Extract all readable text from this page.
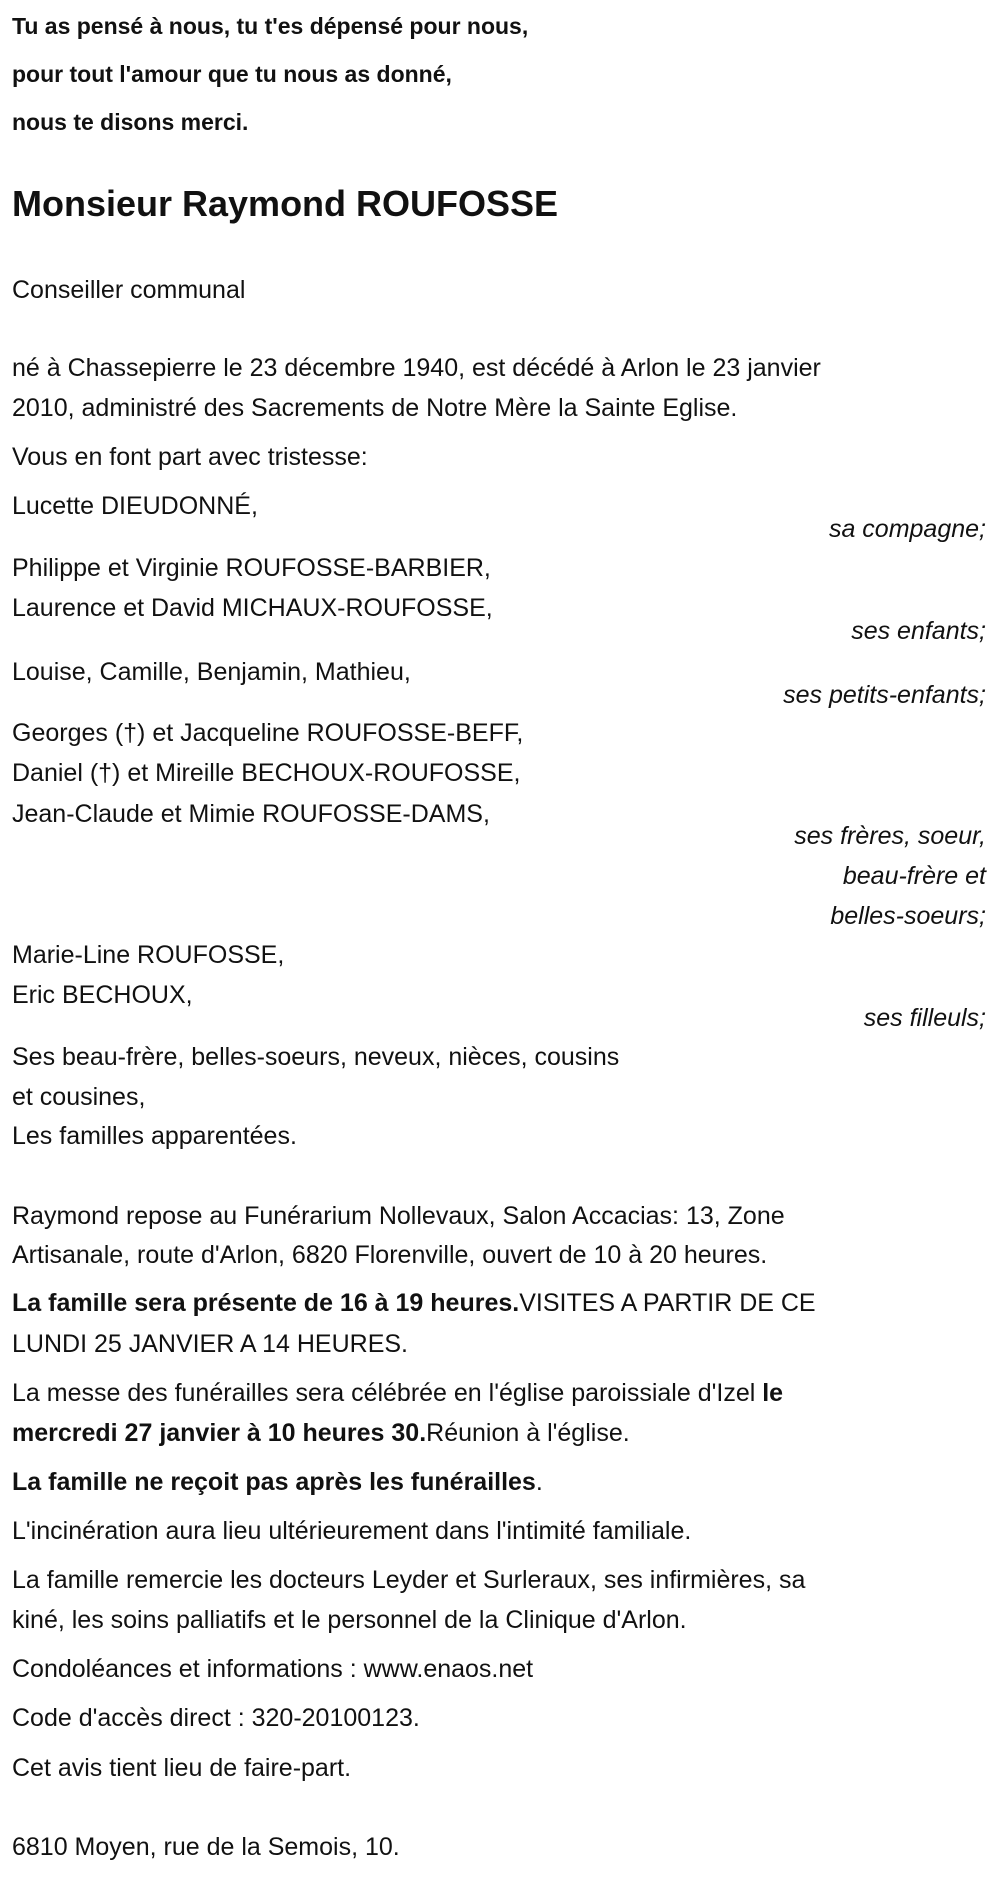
Tu as pensé à nous, tu t'es dépensé pour nous,
pour tout l'amour que tu nous as donné,
nous te disons merci.
Monsieur Raymond ROUFOSSE
Conseiller communal
né à Chassepierre le 23 décembre 1940, est décédé à Arlon le 23 janvier
2010, administré des Sacrements de Notre Mère la Sainte Eglise.
Vous en font part avec tristesse:
Lucette DIEUDONNÉ,
sa compagne;
Philippe et Virginie ROUFOSSE-BARBIER,
Laurence et David MICHAUX-ROUFOSSE,
ses enfants;
Louise, Camille, Benjamin, Mathieu,
ses petits-enfants;
Georges (†) et Jacqueline ROUFOSSE-BEFF,
Daniel (†) et Mireille BECHOUX-ROUFOSSE,
Jean-Claude et Mimie ROUFOSSE-DAMS,
ses frères, soeur,
beau-frère et
belles-soeurs;
Marie-Line ROUFOSSE,
Eric BECHOUX,
ses filleuls;
Ses beau-frère, belles-soeurs, neveux, nièces, cousins
et cousines,
Les familles apparentées.
Raymond repose au Funérarium Nollevaux, Salon Accacias: 13, Zone
Artisanale, route d'Arlon, 6820 Florenville, ouvert de 10 à 20 heures.
La famille sera présente de 16 à 19 heures.VISITES A PARTIR DE CE
LUNDI 25 JANVIER A 14 HEURES.
La messe des funérailles sera célébrée en l'église paroissiale d'Izel le
mercredi 27 janvier à 10 heures 30.Réunion à l'église.
La famille ne reçoit pas après les funérailles.
L'incinération aura lieu ultérieurement dans l'intimité familiale.
La famille remercie les docteurs Leyder et Surleraux, ses infirmières, sa
kiné, les soins palliatifs et le personnel de la Clinique d'Arlon.
Condoléances et informations : www.enaos.net
Code d'accès direct : 320-20100123.
Cet avis tient lieu de faire-part.
6810 Moyen, rue de la Semois, 10.
